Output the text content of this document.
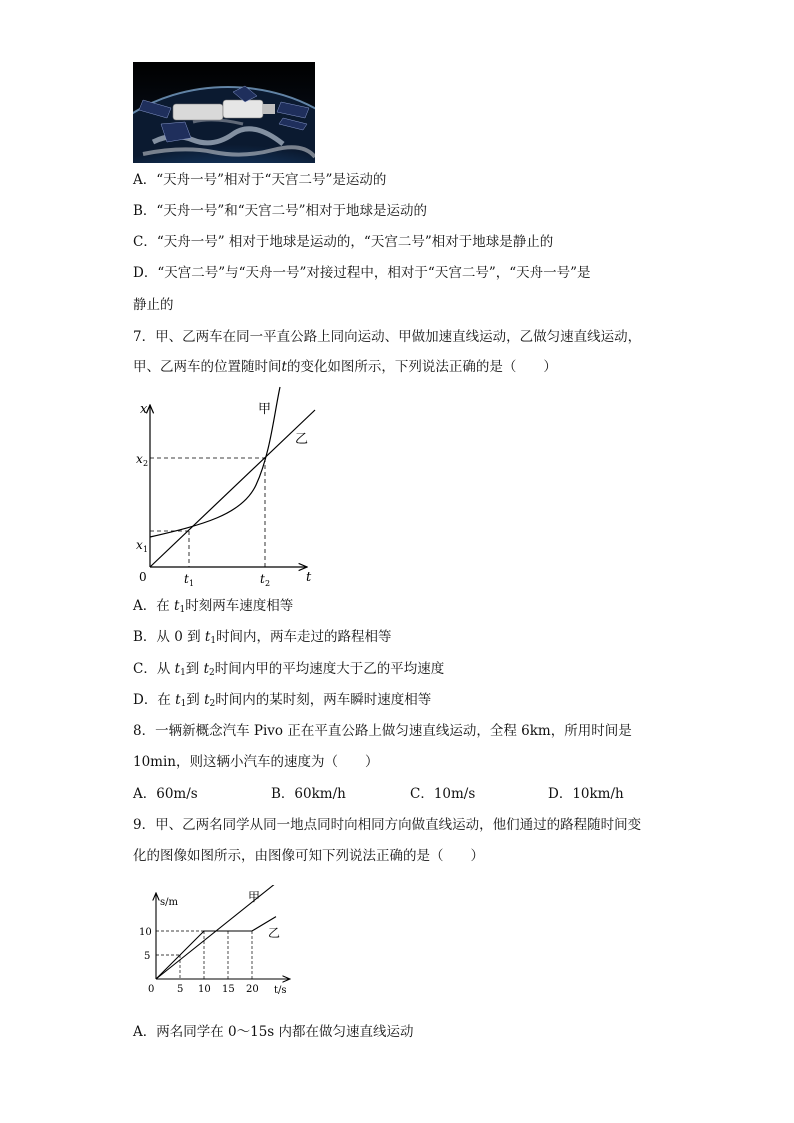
A．“天舟一号”相对于“天宫二号”是运动的
B．“天舟一号”和“天宫二号”相对于地球是运动的
C．“天舟一号” 相对于地球是运动的，“天宫二号”相对于地球是静止的
D．“天宫二号”与“天舟一号”对接过程中，相对于“天宫二号”，“天舟一号”是
静止的
7．甲、乙两车在同一平直公路上同向运动、甲做加速直线运动，乙做匀速直线运动，
甲、乙两车的位置随时间t的变化如图所示，下列说法正确的是（　　）
x
t
0
x 1
x 2
t 1	t 2
甲
乙
A．在 $t_1$时刻两车速度相等
B．从 0 到 $t_1$时间内，两车走过的路程相等
C．从 $t_1$到 $t_2$时间内甲的平均速度大于乙的平均速度
D．在 $t_1$到 $t_2$时间内的某时刻，两车瞬时速度相等
8．一辆新概念汽车 Pivo 正在平直公路上做匀速直线运动，全程 6km，所用时间是
10min，则这辆小汽车的速度为（　　）
A．60m/s	B．60km/h	C．10m/s	D．10km/h
9．甲、乙两名同学从同一地点同时向相同方向做直线运动，他们通过的路程随时间变
化的图像如图所示，由图像可知下列说法正确的是（　　）
s/m
t/s
5
10
0 5 10 15 20
甲
乙
A．两名同学在 0～15s 内都在做匀速直线运动
